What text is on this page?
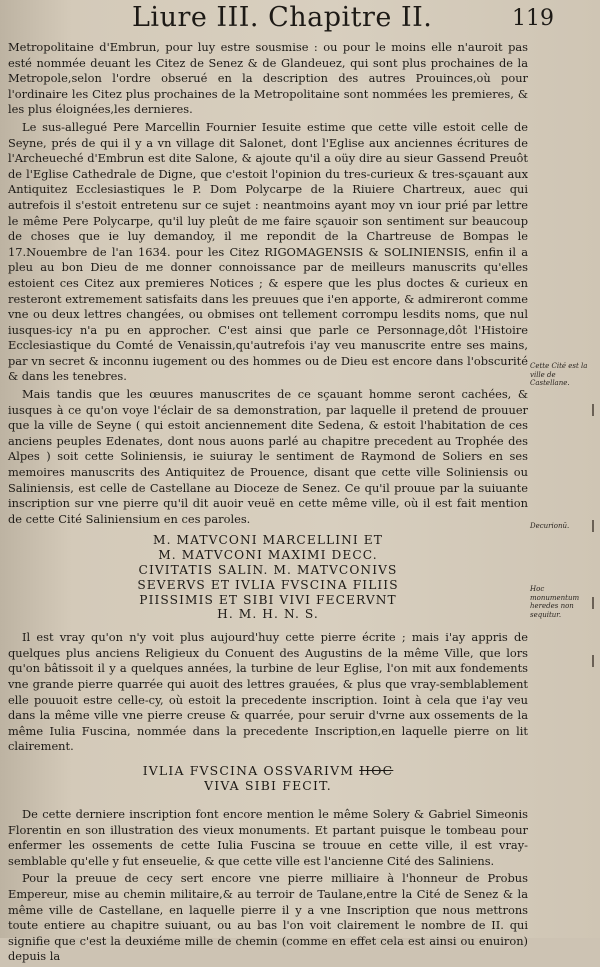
Liure III. Chapitre II.	119

Metropolitaine d'Embrun, pour luy estre sousmise : ou pour le moins elle n'auroit pas esté nommée deuant les Citez de Senez & de Glandeuez, qui sont plus prochaines de la Metropole,selon l'ordre obserué en la description des autres Prouinces,où pour l'ordinaire les Citez plus prochaines de la Metropolitaine sont nommées les premieres, & les plus éloignées,les dernieres.

Le sus-allegué Pere Marcellin Fournier Iesuite estime que cette ville estoit celle de Seyne, prés de qui il y a vn village dit Salonet, dont l'Eglise aux anciennes écritures de l'Archeueché d'Embrun est dite Salone, & ajoute qu'il a oüy dire au sieur Gassend Preuôt de l'Eglise Cathedrale de Digne, que c'estoit l'opinion du tres-curieux & tres-sçauant aux Antiquitez Ecclesiastiques le P. Dom Polycarpe de la Riuiere Chartreux, auec qui autrefois il s'estoit entretenu sur ce sujet : neantmoins ayant moy vn iour prié par lettre le même Pere Polycarpe, qu'il luy pleût de me faire sçauoir son sentiment sur beaucoup de choses que ie luy demandoy, il me repondit de la Chartreuse de Bompas le 17.Nouembre de l'an 1634. pour les Citez RIGOMAGENSIS & SOLINIENSIS, enfin il a pleu au bon Dieu de me donner connoissance par de meilleurs manuscrits qu'elles estoient ces Citez aux premieres Notices ; & espere que les plus doctes & curieux en resteront extremement satisfaits dans les preuues que i'en apporte, & admireront comme vne ou deux lettres changées, ou obmises ont tellement corrompu lesdits noms, que nul iusques-icy n'a pu en approcher. C'est ainsi que parle ce Personnage,dôt l'Histoire Ecclesiastique du Comté de Venaissin,qu'autrefois i'ay veu manuscrite entre ses mains, par vn secret & inconnu iugement ou des hommes ou de Dieu est encore dans l'obscurité & dans les tenebres.

Mais tandis que les œuures manuscrites de ce sçauant homme seront cachées, & iusques à ce qu'on voye l'éclair de sa demonstration, par laquelle il pretend de prouuer que la ville de Seyne ( qui estoit anciennement dite Sedena, & estoit l'habitation de ces anciens peuples Edenates, dont nous auons parlé au chapitre precedent au Trophée des Alpes ) soit cette Soliniensis, ie suiuray le sentiment de Raymond de Soliers en ses memoires manuscrits des Antiquitez de Prouence, disant que cette ville Soliniensis ou Saliniensis, est celle de Castellane au Dioceze de Senez. Ce qu'il prouue par la suiuante inscription sur vne pierre qu'il dit auoir veuë en cette même ville, où il est fait mention de cette Cité Saliniensium en ces paroles.

M. MATVCONI MARCELLINI ET
M. MATVCONI MAXIMI DECC.
CIVITATIS SALIN. M. MATVCONIVS
SEVERVS ET IVLIA FVSCINA FILIIS
PIISSIMIS ET SIBI VIVI FECERVNT
H. M. H. N. S.

Il est vray qu'on n'y voit plus aujourd'huy cette pierre écrite ; mais i'ay appris de quelques plus anciens Religieux du Conuent des Augustins de la même Ville, que lors qu'on bâtissoit il y a quelques années, la turbine de leur Eglise, l'on mit aux fondements vne grande pierre quarrée qui auoit des lettres grauées, & plus que vray-semblablement elle pouuoit estre celle-cy, où estoit la precedente inscription. Ioint à cela que i'ay veu dans la même ville vne pierre creuse & quarrée, pour seruir d'vrne aux ossements de la même Iulia Fuscina, nommée dans la precedente Inscription,en laquelle pierre on lit clairement.

IVLIA FVSCINA OSSVARIVM HOC
VIVA SIBI FECIT.

De cette derniere inscription font encore mention le même Solery & Gabriel Simeonis Florentin en son illustration des vieux monuments. Et partant puisque le tombeau pour enfermer les ossements de cette Iulia Fuscina se trouue en cette ville, il est vray-semblable qu'elle y fut enseuelie, & que cette ville est l'ancienne Cité des Saliniens.

Pour la preuue de cecy sert encore vne pierre milliaire à l'honneur de Probus Empereur, mise au chemin militaire,& au terroir de Taulane,entre la Cité de Senez & la même ville de Castellane, en laquelle pierre il y a vne Inscription que nous mettrons toute entiere au chapitre suiuant, ou au bas l'on voit clairement le nombre de II. qui signifie que c'est la deuxiéme mille de chemin (comme en effet cela est ainsi ou enuiron) depuis la

Cette Cité est la ville de Castellane.
Decurionū.
Hoc monumentum heredes non sequitur.
